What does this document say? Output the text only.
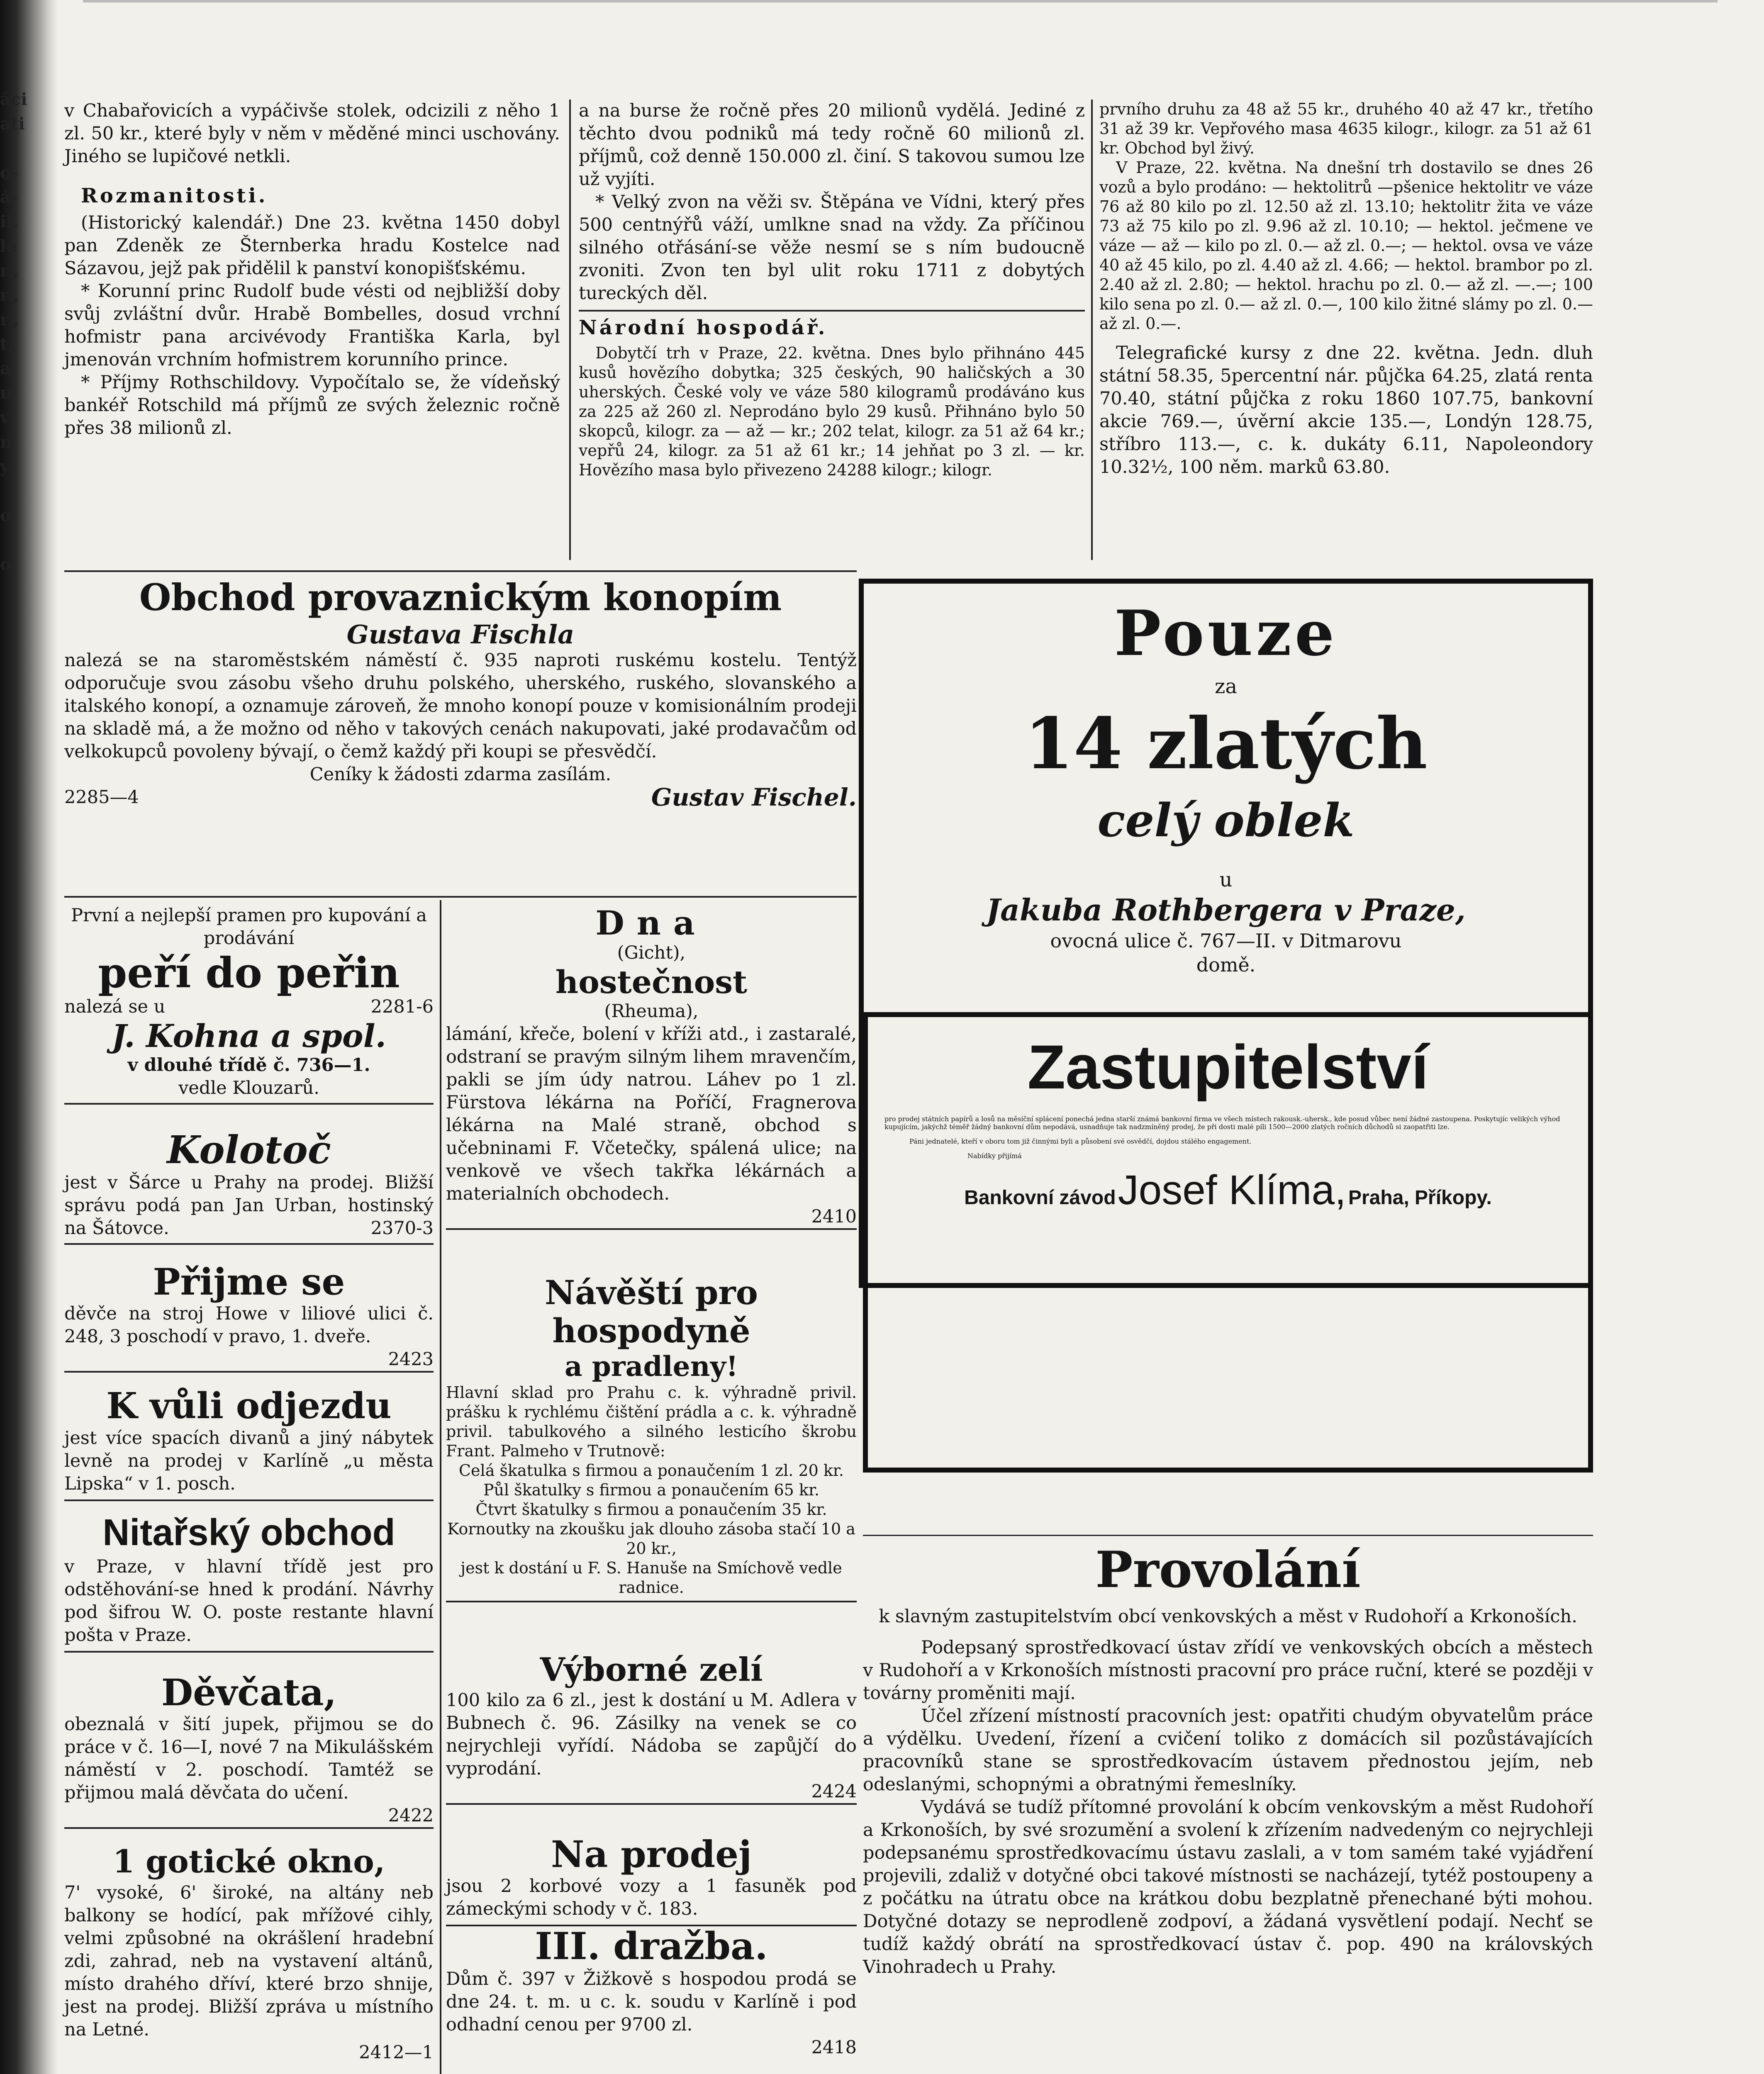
áci
ati

o-
á-
il.
le
r.,
r.,
r.,
t,
a
u
v
n
y

o

o

v Chabařovicích a vypáčivše stolek, odcizili z něho 1 zl. 50 kr., které byly v něm v měděné minci uschovány. Jiného se lupičové netkli.

Rozmanitosti.

(Historický kalendář.) Dne 23. května 1450 dobyl pan Zdeněk ze Šternberka hradu Kostelce nad Sázavou, jejž pak přidělil k panství konopišťskému.

* Korunní princ Rudolf bude vésti od nejbližší doby svůj zvláštní dvůr. Hrabě Bombelles, dosud vrchní hofmistr pana arcivévody Františka Karla, byl jmenován vrchním hofmistrem korunního prince.

* Příjmy Rothschildovy. Vypočítalo se, že vídeňský bankéř Rotschild má příjmů ze svých železnic ročně přes 38 milionů zl.

a na burse že ročně přes 20 milionů vydělá. Jediné z těchto dvou podniků má tedy ročně 60 milionů zl. příjmů, což denně 150.000 zl. činí. S takovou sumou lze už vyjíti.

* Velký zvon na věži sv. Štěpána ve Vídni, který přes 500 centnýřů váží, umlkne snad na vždy. Za příčinou silného otřásání-se věže nesmí se s ním budoucně zvoniti. Zvon ten byl ulit roku 1711 z dobytých tureckých děl.

Národní hospodář.

Dobytčí trh v Praze, 22. května. Dnes bylo přihnáno 445 kusů hovězího dobytka; 325 českých, 90 haličských a 30 uherských. České voly ve váze 580 kilogramů prodáváno kus za 225 až 260 zl. Neprodáno bylo 29 kusů. Přihnáno bylo 50 skopců, kilogr. za — až — kr.; 202 telat, kilogr. za 51 až 64 kr.; vepřů 24, kilogr. za 51 až 61 kr.; 14 jehňat po 3 zl. — kr. Hovězího masa bylo přivezeno 24288 kilogr.; kilogr.

prvního druhu za 48 až 55 kr., druhého 40 až 47 kr., třetího 31 až 39 kr. Vepřového masa 4635 kilogr., kilogr. za 51 až 61 kr. Obchod byl živý.

V Praze, 22. května. Na dnešní trh dostavilo se dnes 26 vozů a bylo prodáno: — hektolitrů —pšenice hektolitr ve váze 76 až 80 kilo po zl. 12.50 až zl. 13.10; hektolitr žita ve váze 73 až 75 kilo po zl. 9.96 až zl. 10.10; — hektol. ječmene ve váze — až — kilo po zl. 0.— až zl. 0.—; — hektol. ovsa ve váze 40 až 45 kilo, po zl. 4.40 až zl. 4.66; — hektol. brambor po zl. 2.40 až zl. 2.80; — hektol. hrachu po zl. 0.— až zl. —.—; 100 kilo sena po zl. 0.— až zl. 0.—, 100 kilo žitné slámy po zl. 0.— až zl. 0.—.

Telegrafické kursy z dne 22. května. Jedn. dluh státní 58.35, 5percentní nár. půjčka 64.25, zlatá renta 70.40, státní půjčka z roku 1860 107.75, bankovní akcie 769.—, úvěrní akcie 135.—, Londýn 128.75, stříbro 113.—, c. k. dukáty 6.11, Napoleondory 10.32½, 100 něm. marků 63.80.

Obchod provaznickým konopím
Gustava Fischla

nalezá se na staroměstském náměstí č. 935 naproti ruskému kostelu. Tentýž odporučuje svou zásobu všeho druhu polského, uherského, ruského, slovanského a italského konopí, a oznamuje zároveň, že mnoho konopí pouze v komisionálním prodeji na skladě má, a že možno od něho v takových cenách nakupovati, jaké prodavačům od velkokupců povoleny bývají, o čemž každý při koupi se přesvědčí.

Ceníky k žádosti zdarma zasílám.

2285—4	Gustav Fischel.

Pouze
za
14 zlatých
celý oblek
u
Jakuba Rothbergera v Praze,
ovocná ulice č. 767—II. v Ditmarovu domě.

První a nejlepší pramen pro kupování a prodávání

peří do peřin

nalezá se u	2281-6

J. Kohna a spol.

v dlouhé třídě č. 736—1.

vedle Klouzarů.

Kolotoč

jest v Šárce u Prahy na prodej. Bližší správu podá pan Jan Urban, hostinský na Šátovce.	2370-3

Přijme se

děvče na stroj Howe v liliové ulici č. 248, 3 poschodí v pravo, 1. dveře.

2423

K vůli odjezdu

jest více spacích divanů a jiný nábytek levně na prodej v Karlíně „u města Lipska“ v 1. posch.

Nitařský obchod

v Praze, v hlavní třídě jest pro odstěhování-se hned k prodání. Návrhy pod šifrou W. O. poste restante hlavní pošta v Praze.

Děvčata,

obeznalá v šití jupek, přijmou se do práce v č. 16—I, nové 7 na Mikulášském náměstí v 2. poschodí. Tamtéž se přijmou malá děvčata do učení.

2422

1 gotické okno,

7' vysoké, 6' široké, na altány neb balkony se hodící, pak mřížové cihly, velmi způsobné na okrášlení hradební zdi, zahrad, neb na vystavení altánů, místo drahého dříví, které brzo shnije, jest na prodej. Bližší zpráva u místního na Letné.

2412—1

Dna

(Gicht),

hostečnost

(Rheuma),

lámání, křeče, bolení v kříži atd., i zastaralé, odstraní se pravým silným lihem mravenčím, pakli se jím údy natrou. Láhev po 1 zl. Fürstova lékárna na Poříčí, Fragnerova lékárna na Malé straně, obchod s učebninami F. Včetečky, spálená ulice; na venkově ve všech takřka lékárnách a materialních obchodech.

2410

Návěští pro hospodyně
a pradleny!

Hlavní sklad pro Prahu c. k. výhradně privil. prášku k rychlému čištění prádla a c. k. výhradně privil. tabulkového a silného lesticího škrobu Frant. Palmeho v Trutnově:

Celá škatulka s firmou a ponaučením 1 zl. 20 kr.

Půl škatulky s firmou a ponaučením 65 kr.

Čtvrt škatulky s firmou a ponaučením 35 kr.

Kornoutky na zkoušku jak dlouho zásoba stačí 10 a 20 kr.,

jest k dostání u F. S. Hanuše na Smíchově vedle radnice.

Výborné zelí

100 kilo za 6 zl., jest k dostání u M. Adlera v Bubnech č. 96. Zásilky na venek se co nejrychleji vyřídí. Nádoba se zapůjčí do vyprodání.

2424

Na prodej

jsou 2 korbové vozy a 1 fasuněk pod zámeckými schody v č. 183.

III. dražba.

Dům č. 397 v Žižkově s hospodou prodá se dne 24. t. m. u c. k. soudu v Karlíně i pod odhadní cenou per 9700 zl.

2418

Zastupitelství

pro prodej státních papírů a losů na měsíční splácení ponechá jedna starší známá bankovní firma ve všech místech rakousk.-uhersk., kde posud vůbec není žádné zastoupena. Poskytujíc velikých výhod kupujícím, jakýchž téměř žádný bankovní dům nepodává, usnadňuje tak nadzmíněný prodej, že při dosti malé píli 1500—2000 zlatých ročních důchodů si zaopatřiti lze.

Páni jednatelé, kteří v oboru tom již činnými byli a působení své osvědčí, dojdou stálého engagement.

Nabídky přijímá

Bankovní závod Josef Klíma, Praha, Příkopy.
Provolání

k slavným zastupitelstvím obcí venkovských a měst v Rudohoří a Krkonoších.

Podepsaný sprostředkovací ústav zřídí ve venkovských obcích a městech v Rudohoří a v Krkonoších místnosti pracovní pro práce ruční, které se později v továrny proměniti mají.

Účel zřízení místností pracovních jest: opatřiti chudým obyvatelům práce a výdělku. Uvedení, řízení a cvičení toliko z domácích sil pozůstávajících pracovníků stane se sprostředkovacím ústavem přednostou jejím, neb odeslanými, schopnými a obratnými řemeslníky.

Vydává se tudíž přítomné provolání k obcím venkovským a měst Rudohoří a Krkonoších, by své srozumění a svolení k zřízením nadvedeným co nejrychleji podepsanému sprostředkovacímu ústavu zaslali, a v tom samém také vyjádření projevili, zdaliž v dotyčné obci takové místnosti se nacházejí, tytéž postoupeny a z počátku na útratu obce na krátkou dobu bezplatně přenechané býti mohou. Dotyčné dotazy se neprodleně zodpoví, a žádaná vysvětlení podají. Nechť se tudíž každý obrátí na sprostředkovací ústav č. pop. 490 na královských Vinohradech u Prahy.
